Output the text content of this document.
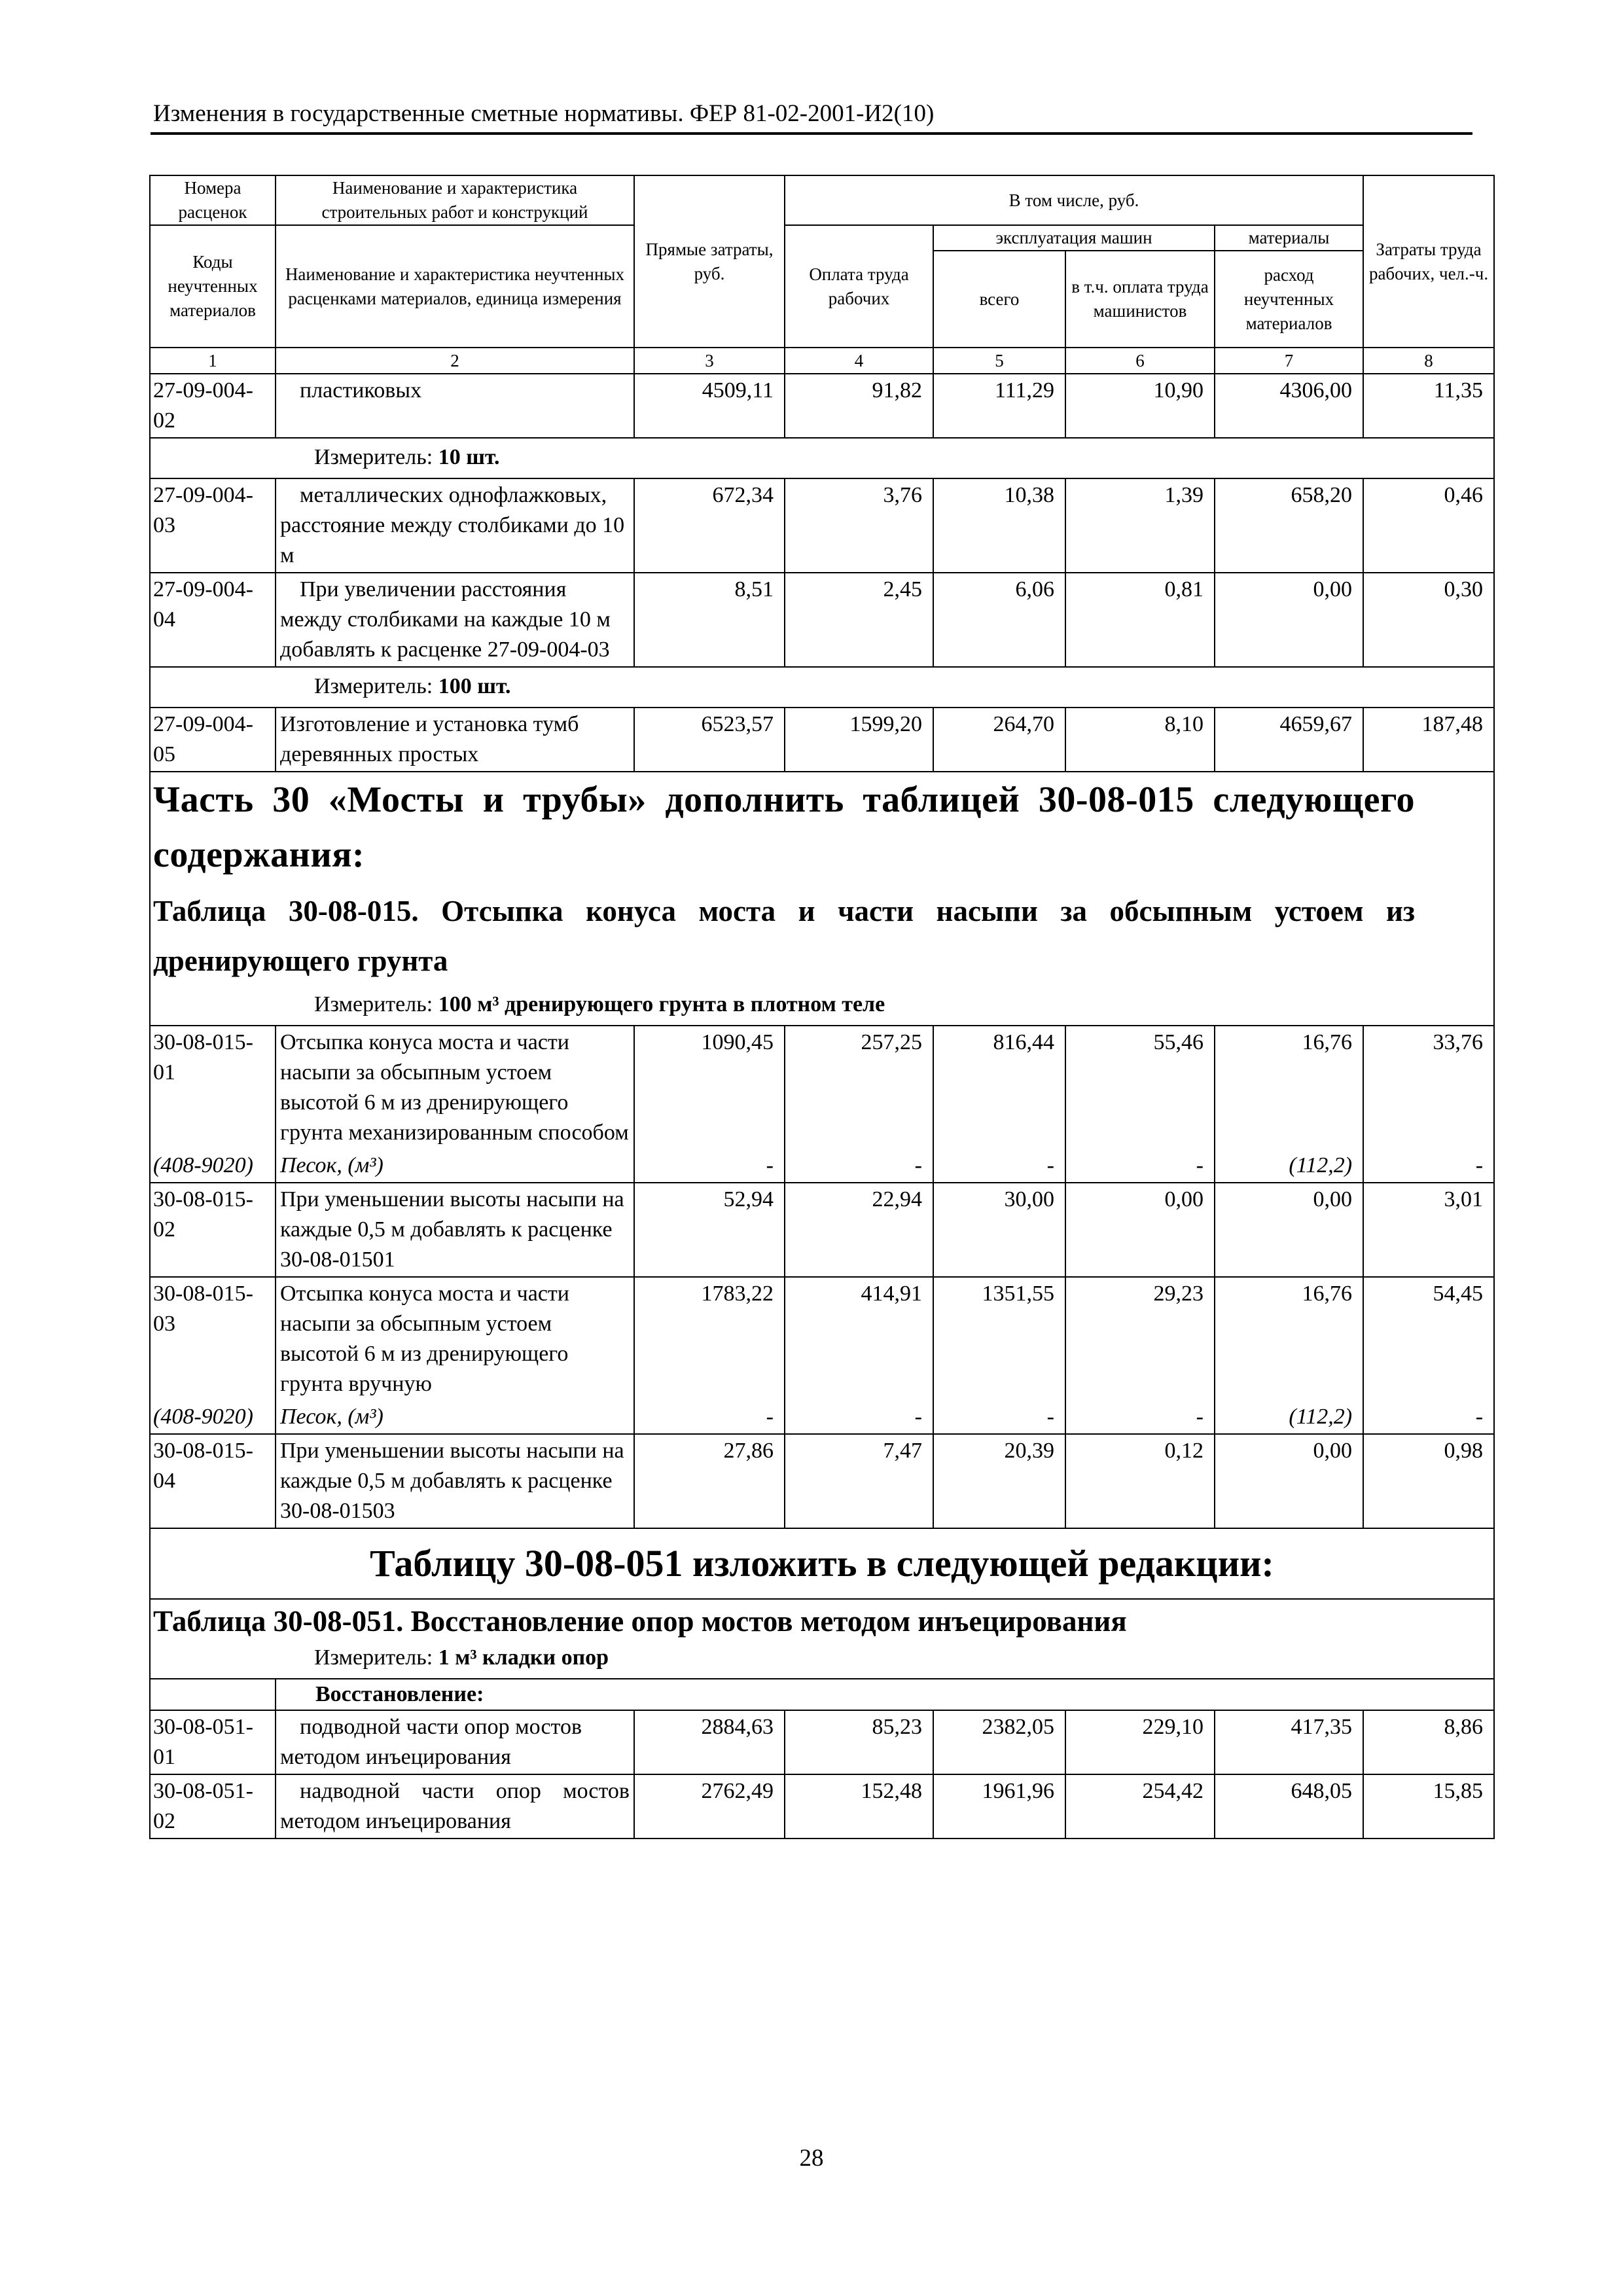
Изменения в государственные сметные нормативы. ФЕР 81-02-2001-И2(10)
Номера расценок	Наименование и характеристика строительных работ и конструкций	Прямые затраты, руб.	В том числе, руб.				Затраты труда рабочих, чел.-ч.
Коды неучтенных материалов	Наименование и характеристика неучтенных расценками материалов, единица измерения		Оплата труда рабочих	эксплуатация машин		материалы	
				всего	в т.ч. оплата труда машинистов	расход неучтенных материалов	
1	2	3	4	5	6	7	8
27-09-004-02	пластиковых	4509,11	91,82	111,29	10,90	4306,00	11,35
Измеритель: 10 шт.							
27-09-004-03	металлических однофлажковых, расстояние между столбиками до 10 м	672,34	3,76	10,38	1,39	658,20	0,46
27-09-004-04	При увеличении расстояния между столбиками на каждые 10 м добавлять к расценке 27-09-004-03	8,51	2,45	6,06	0,81	0,00	0,30
Измеритель: 100 шт.							
27-09-004-05	Изготовление и установка тумб деревянных простых	6523,57	1599,20	264,70	8,10	4659,67	187,48
Часть 30 «Мосты и трубы» дополнить таблицей 30-08-015 следующего содержания:							
Таблица 30-08-015. Отсыпка конуса моста и части насыпи за обсыпным устоем из дренирующего грунта							
Измеритель: 100 м³ дренирующего грунта в плотном теле							
30-08-015-01	Отсыпка конуса моста и части насыпи за обсыпным устоем высотой 6 м из дренирующего грунта механизированным способом	1090,45	257,25	816,44	55,46	16,76	33,76
(408-9020)	Песок, (м³)	-	-	-	-	(112,2)	-
30-08-015-02	При уменьшении высоты насыпи на каждые 0,5 м добавлять к расценке 30-08-01501	52,94	22,94	30,00	0,00	0,00	3,01
30-08-015-03	Отсыпка конуса моста и части насыпи за обсыпным устоем высотой 6 м из дренирующего грунта вручную	1783,22	414,91	1351,55	29,23	16,76	54,45
(408-9020)	Песок, (м³)	-	-	-	-	(112,2)	-
30-08-015-04	При уменьшении высоты насыпи на каждые 0,5 м добавлять к расценке 30-08-01503	27,86	7,47	20,39	0,12	0,00	0,98
Таблицу 30-08-051 изложить в следующей редакции:							
Таблица 30-08-051. Восстановление опор мостов методом инъецирования							
Измеритель: 1 м³ кладки опор							
	Восстановление:						
30-08-051-01	подводной части опор мостов методом инъецирования	2884,63	85,23	2382,05	229,10	417,35	8,86
30-08-051-02	надводной части опор мостов методом инъецирования	2762,49	152,48	1961,96	254,42	648,05	15,85
28
